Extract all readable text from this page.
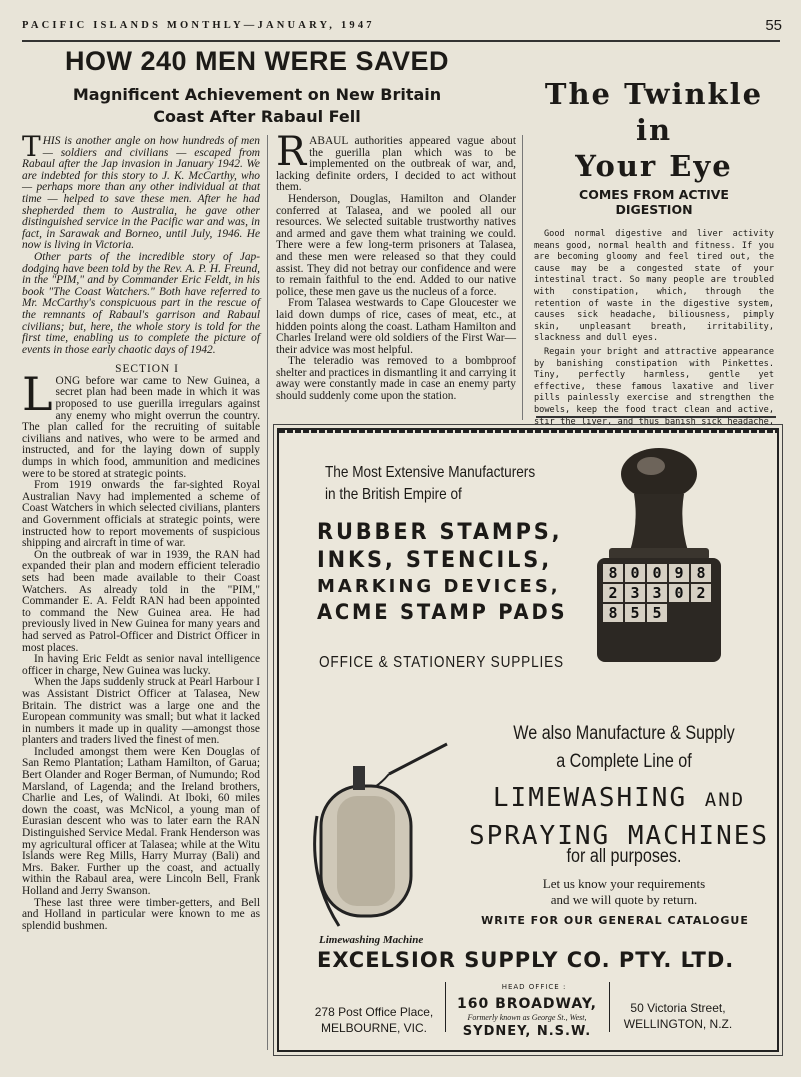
PACIFIC ISLANDS MONTHLY—JANUARY, 1947	55
HOW 240 MEN WERE SAVED
Magnificent Achievement on New Britain
Coast After Rabaul Fell

THIS is another angle on how hundreds of men — soldiers and civilians — escaped from Rabaul after the Jap invasion in January 1942. We are indebted for this story to J. K. McCarthy, who — perhaps more than any other individual at that time — helped to save these men. After he had shepherded them to Australia, he gave other distinguished service in the Pacific war and was, in fact, in Sarawak and Borneo, until July, 1946. He now is living in Victoria.

Other parts of the incredible story of Jap-dodging have been told by the Rev. A. P. H. Freund, in the "PIM," and by Commander Eric Feldt, in his book "The Coast Watchers." Both have referred to Mr. McCarthy's conspicuous part in the rescue of the remnants of Rabaul's garrison and Rabaul civilians; but, here, the whole story is told for the first time, enabling us to complete the picture of events in those early chaotic days of 1942.

SECTION I

LONG before war came to New Guinea, a secret plan had been made in which it was proposed to use guerilla irregulars against any enemy who might overrun the country. The plan called for the recruiting of suitable civilians and natives, who were to be armed and instructed, and for the laying down of supply dumps in which food, ammunition and medicines were to be stored at strategic points.

From 1919 onwards the far-sighted Royal Australian Navy had implemented a scheme of Coast Watchers in which selected civilians, planters and Government officials at strategic points, were instructed how to report movements of suspicious shipping and aircraft in time of war.

On the outbreak of war in 1939, the RAN had expanded their plan and modern efficient teleradio sets had been made available to their Coast Watchers. As already told in the "PIM," Commander E. A. Feldt RAN had been appointed to command the New Guinea area. He had previously lived in New Guinea for many years and had served as Patrol-Officer and District Officer in most places.

In having Eric Feldt as senior naval intelligence officer in charge, New Guinea was lucky.

When the Japs suddenly struck at Pearl Harbour I was Assistant District Officer at Talasea, New Britain. The district was a large one and the European community was small; but what it lacked in numbers it made up in quality —amongst those planters and traders lived the finest of men.

Included amongst them were Ken Douglas of San Remo Plantation; Latham Hamilton, of Garua; Bert Olander and Roger Berman, of Numundo; Rod Marsland, of Lagenda; and the Ireland brothers, Charlie and Les, of Walindi. At Iboki, 60 miles down the coast, was McNicol, a young man of Eurasian descent who was to later earn the RAN Distinguished Service Medal. Frank Henderson was my agricultural officer at Talasea; while at the Witu Islands were Reg Mills, Harry Murray (Bali) and Mrs. Baker. Further up the coast, and actually within the Rabaul area, were Lincoln Bell, Frank Holland and Jerry Swanson.

These last three were timber-getters, and Bell and Holland in particular were known to me as splendid bushmen.

RABAUL authorities appeared vague about the guerilla plan which was to be implemented on the outbreak of war, and, lacking definite orders, I decided to act without them.

Henderson, Douglas, Hamilton and Olander conferred at Talasea, and we pooled all our resources. We selected suitable trustworthy natives and armed and gave them what training we could. There were a few long-term prisoners at Talasea, and these men were released so that they could assist. They did not betray our confidence and were to remain faithful to the end. Added to our native police, these men gave us the nucleus of a force.

From Talasea westwards to Cape Gloucester we laid down dumps of rice, cases of meat, etc., at hidden points along the coast. Latham Hamilton and Charles Ireland were old soldiers of the First War—their advice was most helpful.

The teleradio was removed to a bombproof shelter and practices in dismantling it and carrying it away were constantly made in case an enemy party should suddenly come upon the station.

The Twinkle in
Your Eye
COMES FROM ACTIVE
DIGESTION

Good normal digestive and liver activity means good, normal health and fitness. If you are becoming gloomy and feel tired out, the cause may be a congested state of your intestinal tract. So many people are troubled with constipation, which, through the retention of waste in the digestive system, causes sick headache, biliousness, pimply skin, unpleasant breath, irritability, slackness and dull eyes.

Regain your bright and attractive appearance by banishing constipation with Pinkettes. Tiny, perfectly harmless, gentle yet effective, these famous laxative and liver pills painlessly exercise and strengthen the bowels, keep the food tract clean and active, stir the liver, and thus banish sick headache,

The Most Extensive Manufacturers
in the British Empire of
RUBBER STAMPS,
INKS, STENCILS,
MARKING DEVICES,
ACME STAMP PADS
OFFICE & STATIONERY SUPPLIES
8 0 0 9 8
2 3 3 0 2
8 5 5
We also Manufacture & Supply
a Complete Line of
LIMEWASHING AND
SPRAYING MACHINES
for all purposes.
Let us know your requirements
and we will quote by return.
WRITE FOR OUR GENERAL CATALOGUE
Limewashing Machine
EXCELSIOR SUPPLY CO. PTY. LTD.
HEAD OFFICE :
278 Post Office Place,
MELBOURNE, VIC.
160 BROADWAY,
Formerly known as George St., West,
SYDNEY, N.S.W.
50 Victoria Street,
WELLINGTON, N.Z.
